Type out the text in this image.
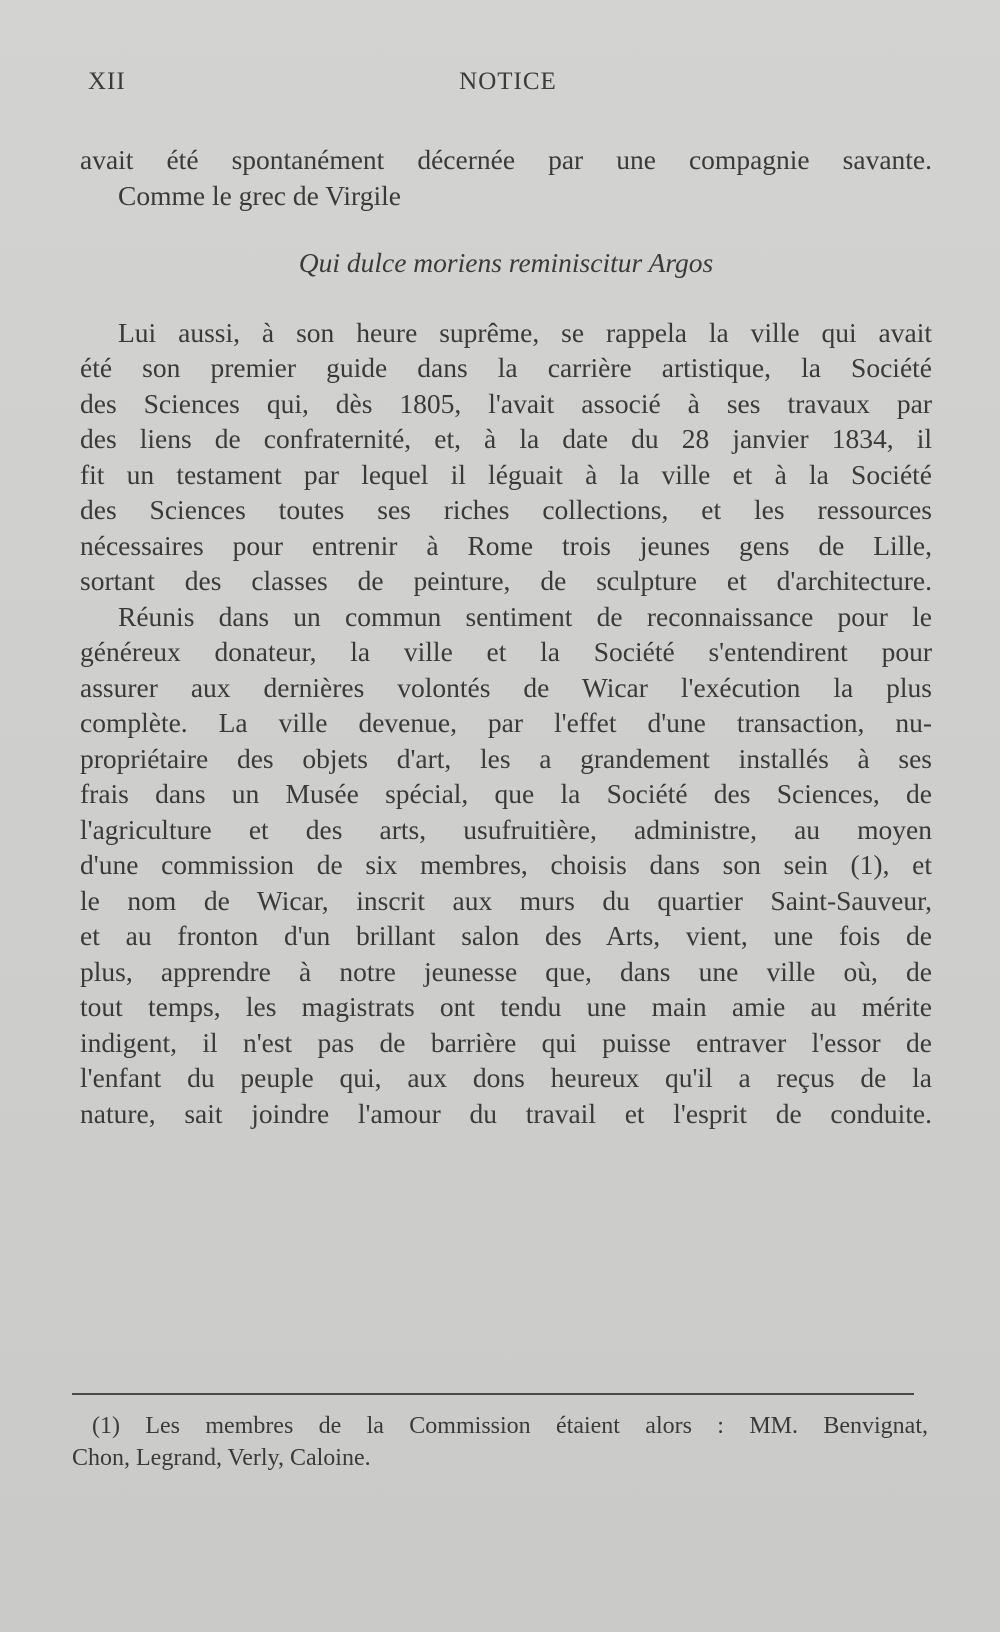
XII	NOTICE
avait été spontanément décernée par une compagnie savante.
Comme le grec de Virgile
Qui dulce moriens reminiscitur Argos
Lui aussi, à son heure suprême, se rappela la ville qui avait
été son premier guide dans la carrière artistique, la Société
des Sciences qui, dès 1805, l'avait associé à ses travaux par
des liens de confraternité, et, à la date du 28 janvier 1834, il
fit un testament par lequel il léguait à la ville et à la Société
des Sciences toutes ses riches collections, et les ressources
nécessaires pour entrenir à Rome trois jeunes gens de Lille,
sortant des classes de peinture, de sculpture et d'architecture.
Réunis dans un commun sentiment de reconnaissance pour le
généreux donateur, la ville et la Société s'entendirent pour
assurer aux dernières volontés de Wicar l'exécution la plus
complète. La ville devenue, par l'effet d'une transaction, nu-
propriétaire des objets d'art, les a grandement installés à ses
frais dans un Musée spécial, que la Société des Sciences, de
l'agriculture et des arts, usufruitière, administre, au moyen
d'une commission de six membres, choisis dans son sein (1), et
le nom de Wicar, inscrit aux murs du quartier Saint-Sauveur,
et au fronton d'un brillant salon des Arts, vient, une fois de
plus, apprendre à notre jeunesse que, dans une ville où, de
tout temps, les magistrats ont tendu une main amie au mérite
indigent, il n'est pas de barrière qui puisse entraver l'essor de
l'enfant du peuple qui, aux dons heureux qu'il a reçus de la
nature, sait joindre l'amour du travail et l'esprit de conduite.
(1) Les membres de la Commission étaient alors : MM. Benvignat,
Chon, Legrand, Verly, Caloine.
